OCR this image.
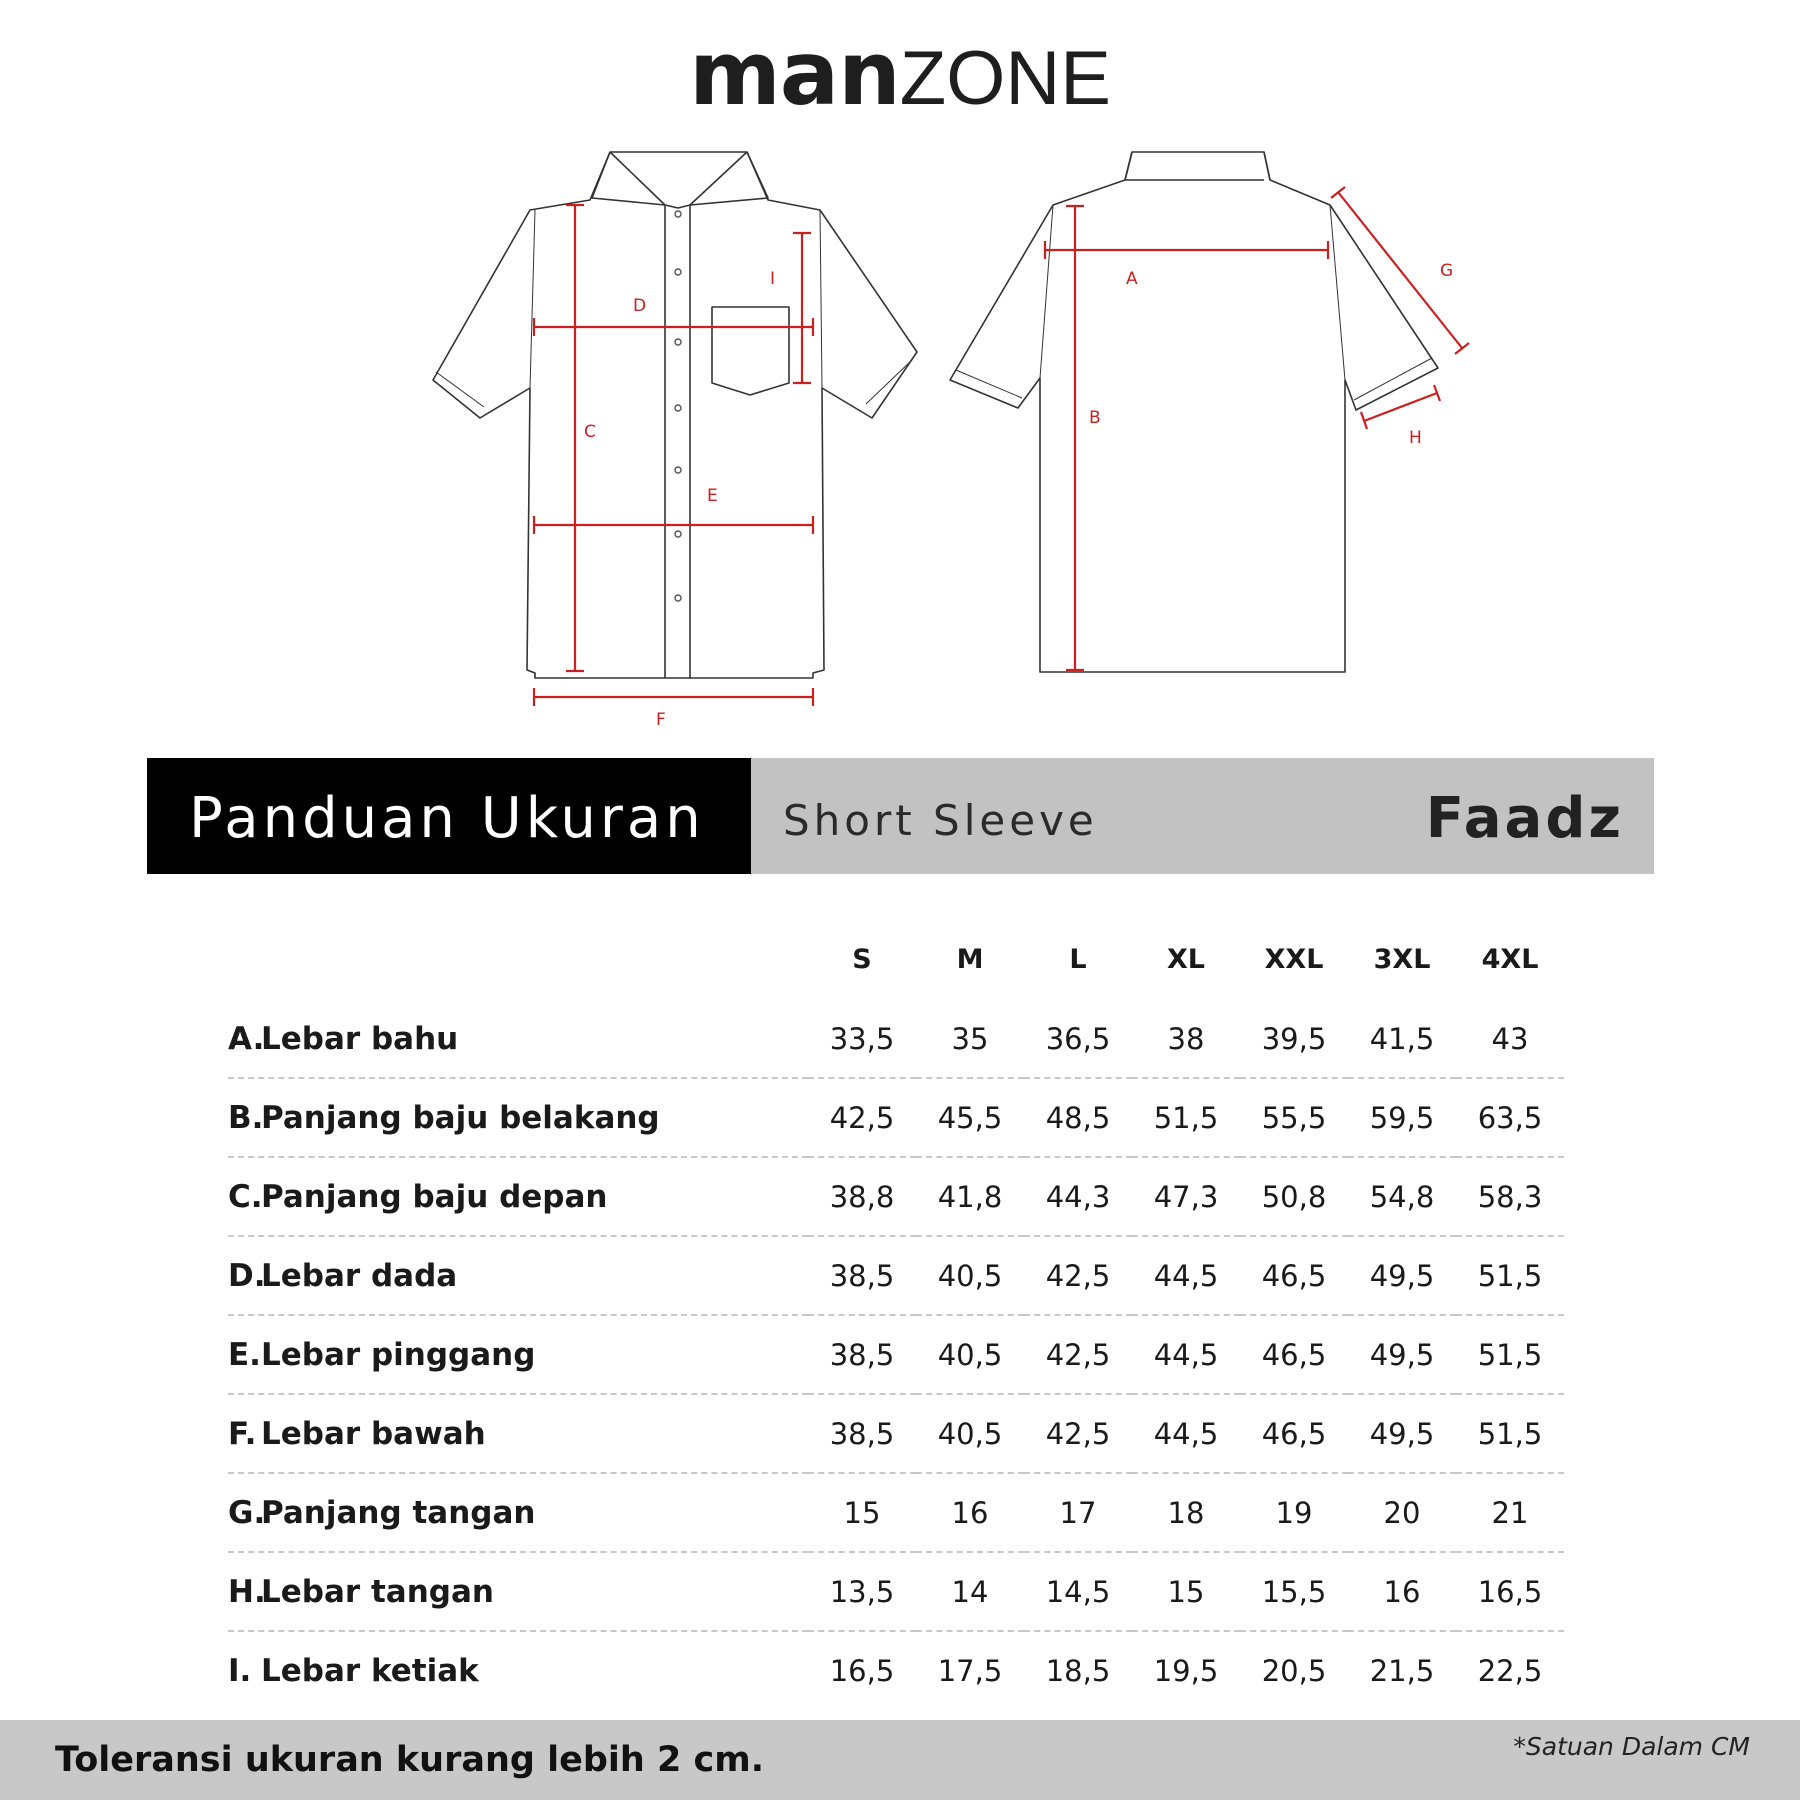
manZONE
D
I
C
E
F
A
B
G
H
Panduan Ukuran Short Sleeve	Faadz
	S	M	L	XL	XXL	3XL	4XL
A.Lebar bahu	33,5	35	36,5	38	39,5	41,5	43
B.Panjang baju belakang	42,5	45,5	48,5	51,5	55,5	59,5	63,5
C.Panjang baju depan	38,8	41,8	44,3	47,3	50,8	54,8	58,3
D.Lebar dada	38,5	40,5	42,5	44,5	46,5	49,5	51,5
E.Lebar pinggang	38,5	40,5	42,5	44,5	46,5	49,5	51,5
F. Lebar bawah	38,5	40,5	42,5	44,5	46,5	49,5	51,5
G.Panjang tangan	15	16	17	18	19	20	21
H.Lebar tangan	13,5	14	14,5	15	15,5	16	16,5
I. Lebar ketiak	16,5	17,5	18,5	19,5	20,5	21,5	22,5
Toleransi ukuran kurang lebih 2 cm.	*Satuan Dalam CM
